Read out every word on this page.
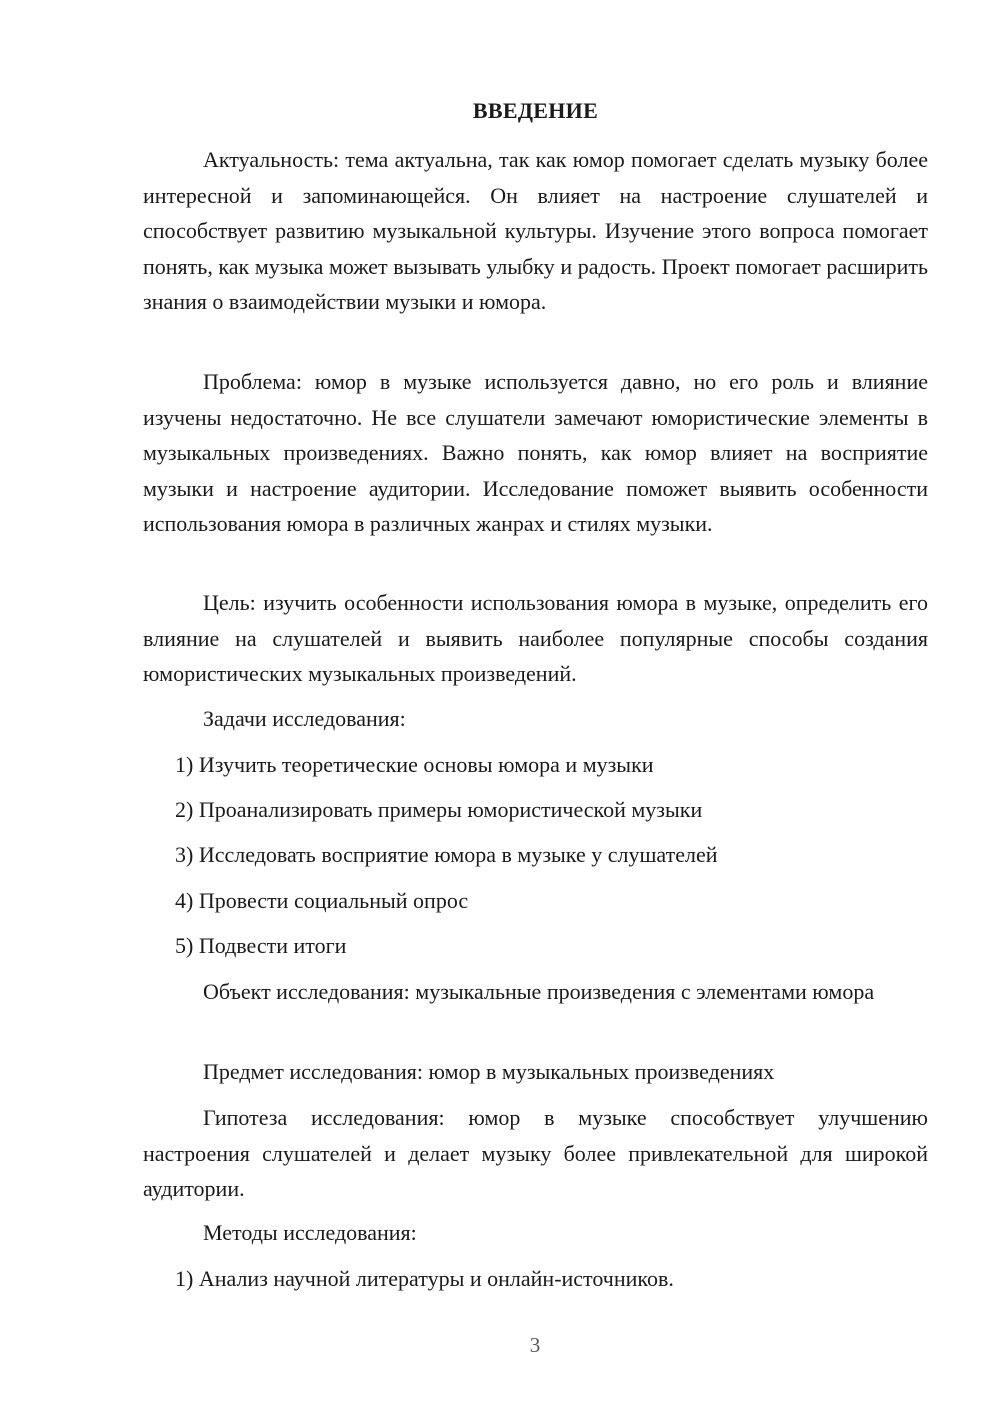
ВВЕДЕНИЕ

Актуальность: тема актуальна, так как юмор помогает сделать музыку более интересной и запоминающейся. Он влияет на настроение слушателей и способствует развитию музыкальной культуры. Изучение этого вопроса помогает понять, как музыка может вызывать улыбку и радость. Проект помогает расширить знания о взаимодействии музыки и юмора.

Проблема: юмор в музыке используется давно, но его роль и влияние изучены недостаточно. Не все слушатели замечают юмористические элементы в музыкальных произведениях. Важно понять, как юмор влияет на восприятие музыки и настроение аудитории. Исследование поможет выявить особенности использования юмора в различных жанрах и стилях музыки.

Цель: изучить особенности использования юмора в музыке, определить его влияние на слушателей и выявить наиболее популярные способы создания юмористических музыкальных произведений.

Задачи исследования:

1) Изучить теоретические основы юмора и музыки

2) Проанализировать примеры юмористической музыки

3) Исследовать восприятие юмора в музыке у слушателей

4) Провести социальный опрос

5) Подвести итоги

Объект исследования: музыкальные произведения с элементами юмора

Предмет исследования: юмор в музыкальных произведениях

Гипотеза исследования: юмор в музыке способствует улучшению настроения слушателей и делает музыку более привлекательной для широкой аудитории.

Методы исследования:

1) Анализ научной литературы и онлайн-источников.

3
